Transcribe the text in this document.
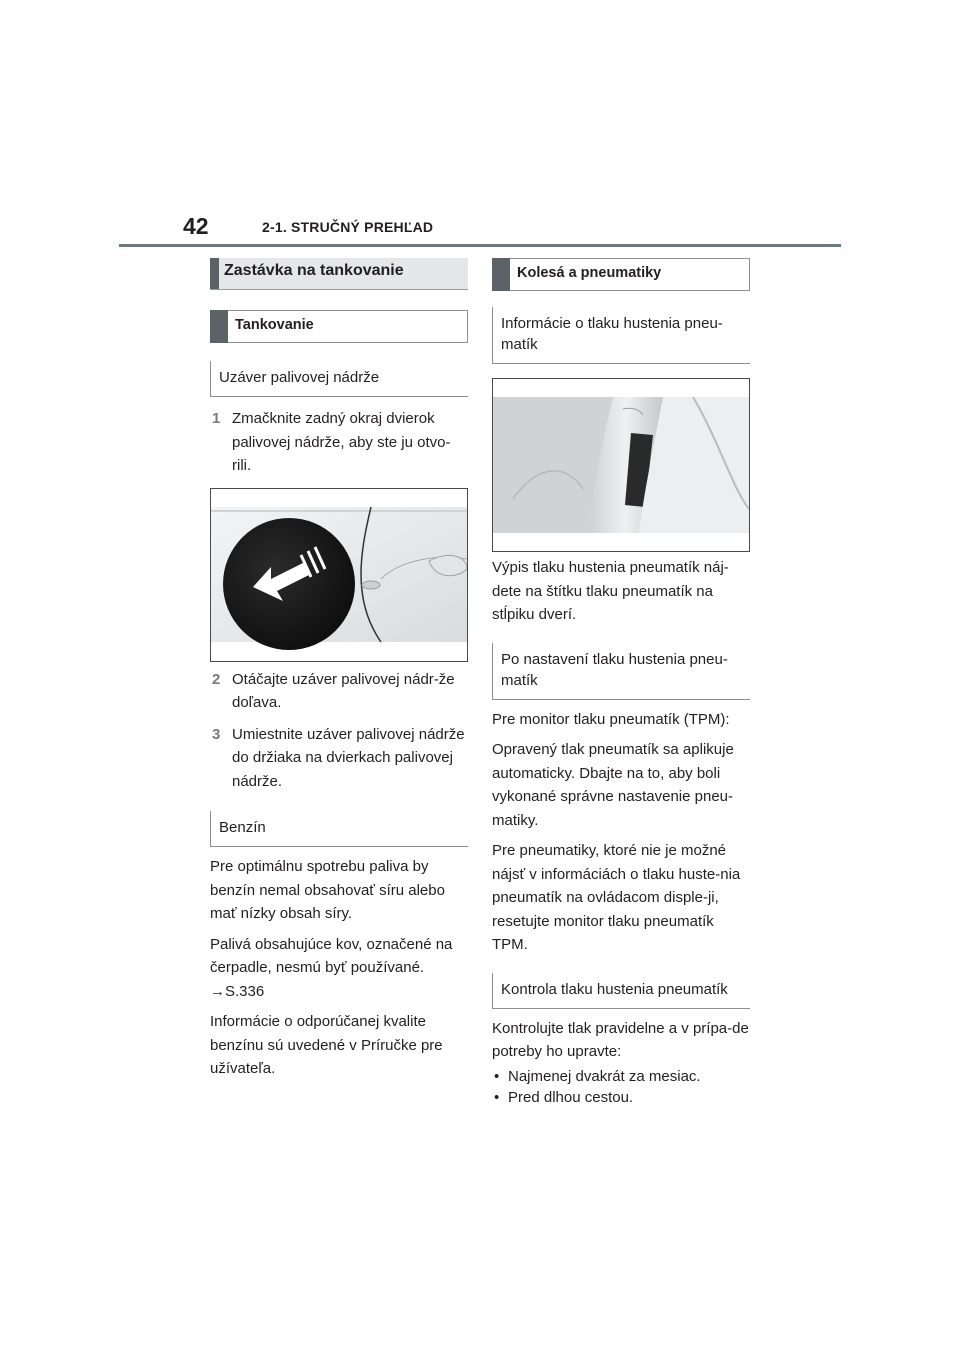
42	2-1. STRUČNÝ PREHĽAD
Zastávka na tankovanie
Tankovanie
Uzáver palivovej nádrže
1 Zmačknite zadný okraj dvierok palivovej nádrže, aby ste ju otvo-rili.
2 Otáčajte uzáver palivovej nádr-že doľava.
3 Umiestnite uzáver palivovej nádrže do držiaka na dvierkach palivovej nádrže.
Benzín

Pre optimálnu spotrebu paliva by benzín nemal obsahovať síru alebo mať nízky obsah síry.

Palivá obsahujúce kov, označené na čerpadle, nesmú byť používané.

→S.336

Informácie o odporúčanej kvalite benzínu sú uvedené v Príručke pre užívateľa.

Kolesá a pneumatiky
Informácie o tlaku hustenia pneu-matík

Výpis tlaku hustenia pneumatík náj-dete na štítku tlaku pneumatík na stĺpiku dverí.

Po nastavení tlaku hustenia pneu-matík

Pre monitor tlaku pneumatík (TPM):

Opravený tlak pneumatík sa aplikuje automaticky. Dbajte na to, aby boli vykonané správne nastavenie pneu-matiky.

Pre pneumatiky, ktoré nie je možné nájsť v informáciách o tlaku huste-nia pneumatík na ovládacom disple-ji, resetujte monitor tlaku pneumatík TPM.

Kontrola tlaku hustenia pneumatík

Kontrolujte tlak pravidelne a v prípa-de potreby ho upravte:

• Najmenej dvakrát za mesiac.
• Pred dlhou cestou.
